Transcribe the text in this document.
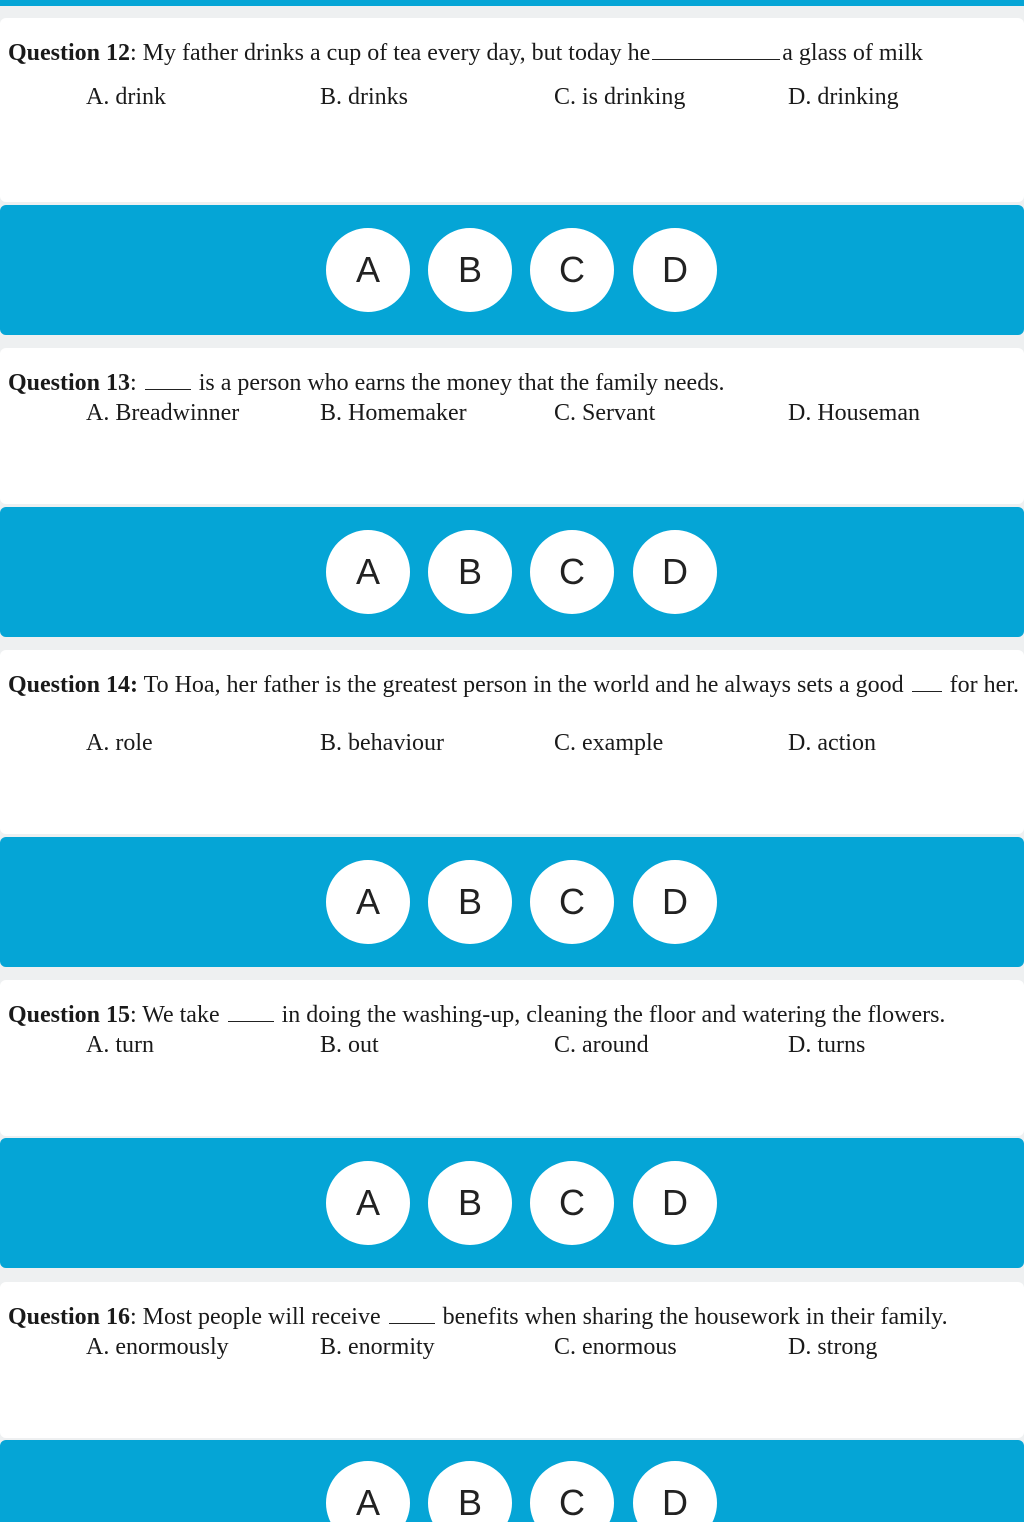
Question 12: My father drinks a cup of tea every day, but today he	a glass of milk
A. drink	B. drinks	C. is drinking	D. drinking
A	B	C	D
Question 13:  is a person who earns the money that the family needs.
A. Breadwinner	B. Homemaker	C. Servant	D. Houseman
A	B	C	D
Question 14: To Hoa, her father is the greatest person in the world and he always sets a good  for her.
A. role	B. behaviour	C. example	D. action
A	B	C	D
Question 15: We take  in doing the washing-up, cleaning the floor and watering the flowers.
A. turn	B. out	C. around	D. turns
A	B	C	D
Question 16: Most people will receive  benefits when sharing the housework in their family.
A. enormously	B. enormity	C. enormous	D. strong
A	B	C	D
